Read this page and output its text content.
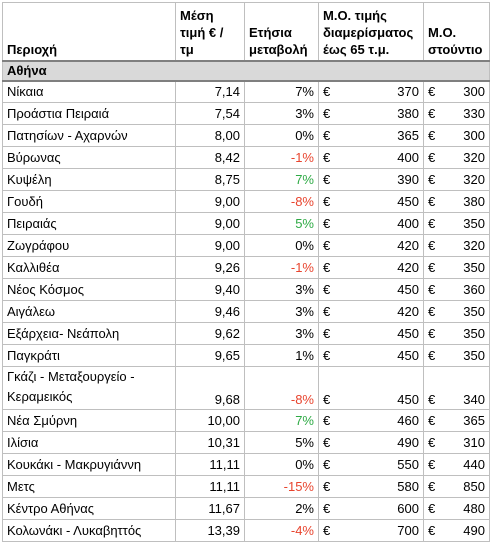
Περιοχή	Μέση τιμή € / τμ	Ετήσια μεταβολή	Μ.Ο. τιμής διαμερίσματος έως 65 τ.μ.		Μ.Ο. στούντιο	
Αθήνα						
Νίκαια	7,14	7%	€	370	€	300
Προάστια Πειραιά	7,54	3%	€	380	€	330
Πατησίων - Αχαρνών	8,00	0%	€	365	€	300
Βύρωνας	8,42	-1%	€	400	€	320
Κυψέλη	8,75	7%	€	390	€	320
Γουδή	9,00	-8%	€	450	€	380
Πειραιάς	9,00	5%	€	400	€	350
Ζωγράφου	9,00	0%	€	420	€	320
Καλλιθέα	9,26	-1%	€	420	€	350
Νέος Κόσμος	9,40	3%	€	450	€	360
Αιγάλεω	9,46	3%	€	420	€	350
Εξάρχεια- Νεάπολη	9,62	3%	€	450	€	350
Παγκράτι	9,65	1%	€	450	€	350
Γκάζι - Μεταξουργείο - Κεραμεικός	9,68	-8%	€	450	€	340
Νέα Σμύρνη	10,00	7%	€	460	€	365
Ιλίσια	10,31	5%	€	490	€	310
Κουκάκι - Μακρυγιάννη	11,11	0%	€	550	€	440
Μετς	11,11	-15%	€	580	€	850
Κέντρο Αθήνας	11,67	2%	€	600	€	480
Κολωνάκι - Λυκαβηττός	13,39	-4%	€	700	€	490
